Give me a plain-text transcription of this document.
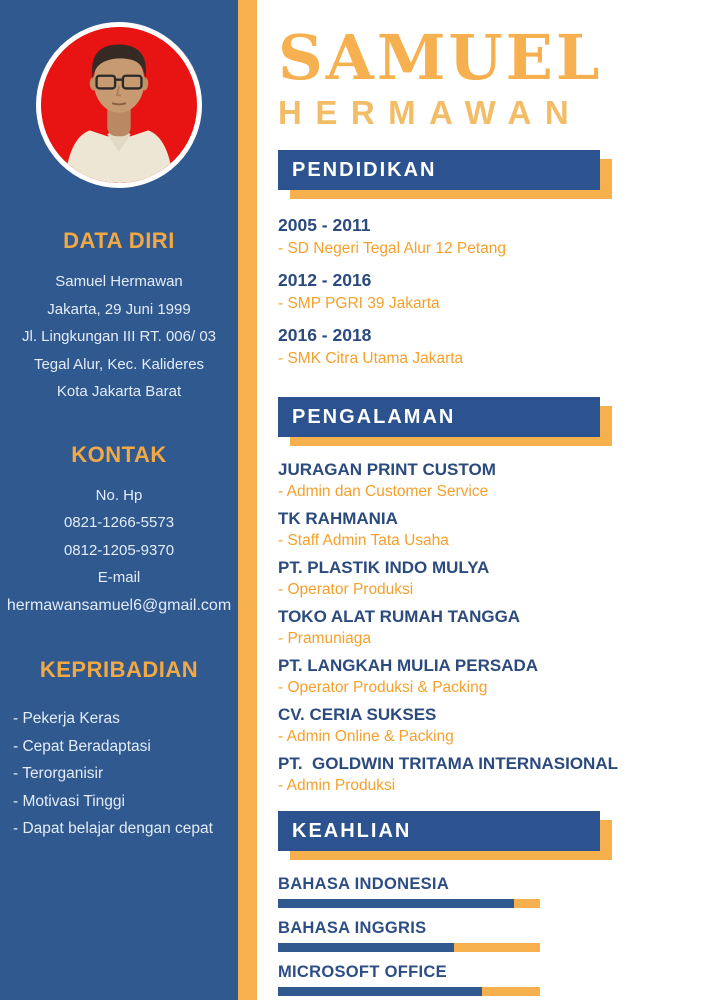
DATA DIRI
Samuel Hermawan
Jakarta, 29 Juni 1999
Jl. Lingkungan III RT. 006/ 03
Tegal Alur, Kec. Kalideres
Kota Jakarta Barat
KONTAK
No. Hp
0821-1266-5573
0812-1205-9370
E-mail
hermawansamuel6@gmail.com
KEPRIBADIAN
- Pekerja Keras
- Cepat Beradaptasi
- Terorganisir
- Motivasi Tinggi
- Dapat belajar dengan cepat
SAMUEL
HERMAWAN
PENDIDIKAN
2005 - 2011
- SD Negeri Tegal Alur 12 Petang
2012 - 2016
- SMP PGRI 39 Jakarta
2016 - 2018
- SMK Citra Utama Jakarta
PENGALAMAN
JURAGAN PRINT CUSTOM
- Admin dan Customer Service
TK RAHMANIA
- Staff Admin Tata Usaha
PT. PLASTIK INDO MULYA
- Operator Produksi
TOKO ALAT RUMAH TANGGA
- Pramuniaga
PT. LANGKAH MULIA PERSADA
- Operator Produksi & Packing
CV. CERIA SUKSES
- Admin Online & Packing
PT.  GOLDWIN TRITAMA INTERNASIONAL
- Admin Produksi
KEAHLIAN
BAHASA INDONESIA
BAHASA INGGRIS
MICROSOFT OFFICE
